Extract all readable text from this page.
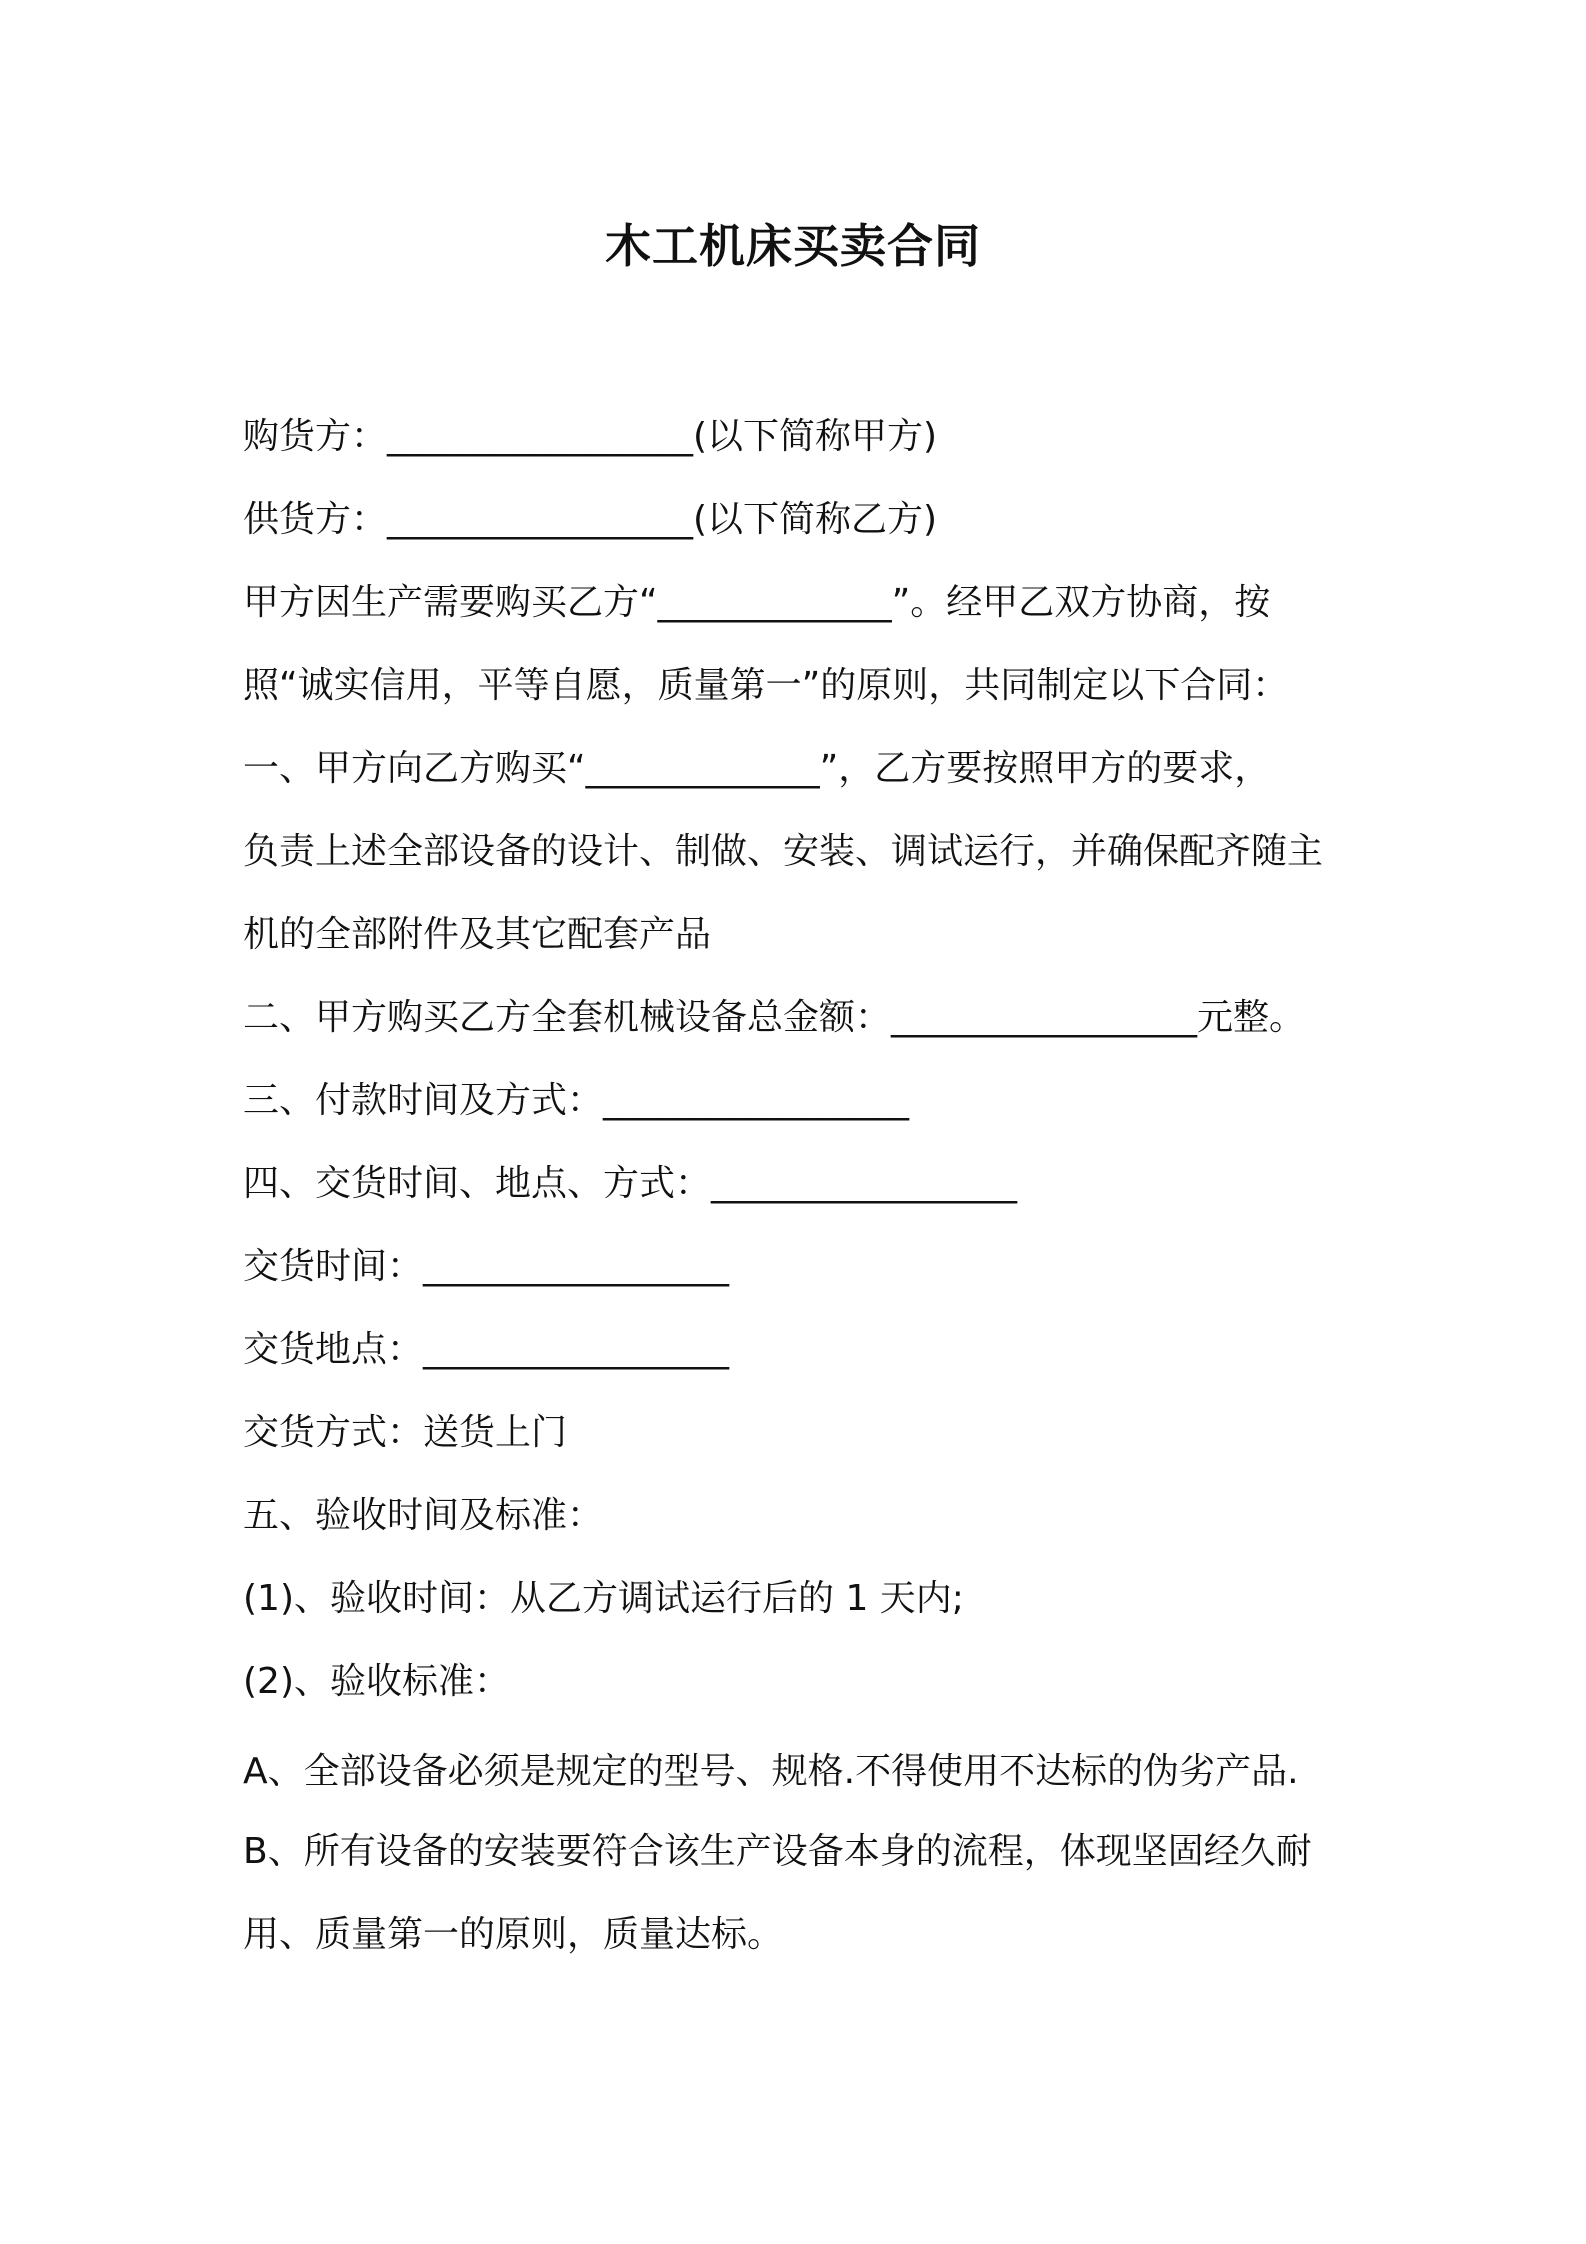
木工机床买卖合同
购货方：_________________(以下简称甲方)
供货方：_________________(以下简称乙方)
甲方因生产需要购买乙方“_____________”。经甲乙双方协商，按
照“诚实信用，平等自愿，质量第一”的原则，共同制定以下合同：
一、甲方向乙方购买“_____________”，乙方要按照甲方的要求，
负责上述全部设备的设计、制做、安装、调试运行，并确保配齐随主
机的全部附件及其它配套产品
二、甲方购买乙方全套机械设备总金额：_________________元整。
三、付款时间及方式：_________________
四、交货时间、地点、方式：_________________
交货时间：_________________
交货地点：_________________
交货方式：送货上门
五、验收时间及标准：
(1)、验收时间：从乙方调试运行后的 1 天内;
(2)、验收标准：
A、全部设备必须是规定的型号、规格.不得使用不达标的伪劣产品.
B、所有设备的安装要符合该生产设备本身的流程，体现坚固经久耐
用、质量第一的原则，质量达标。
